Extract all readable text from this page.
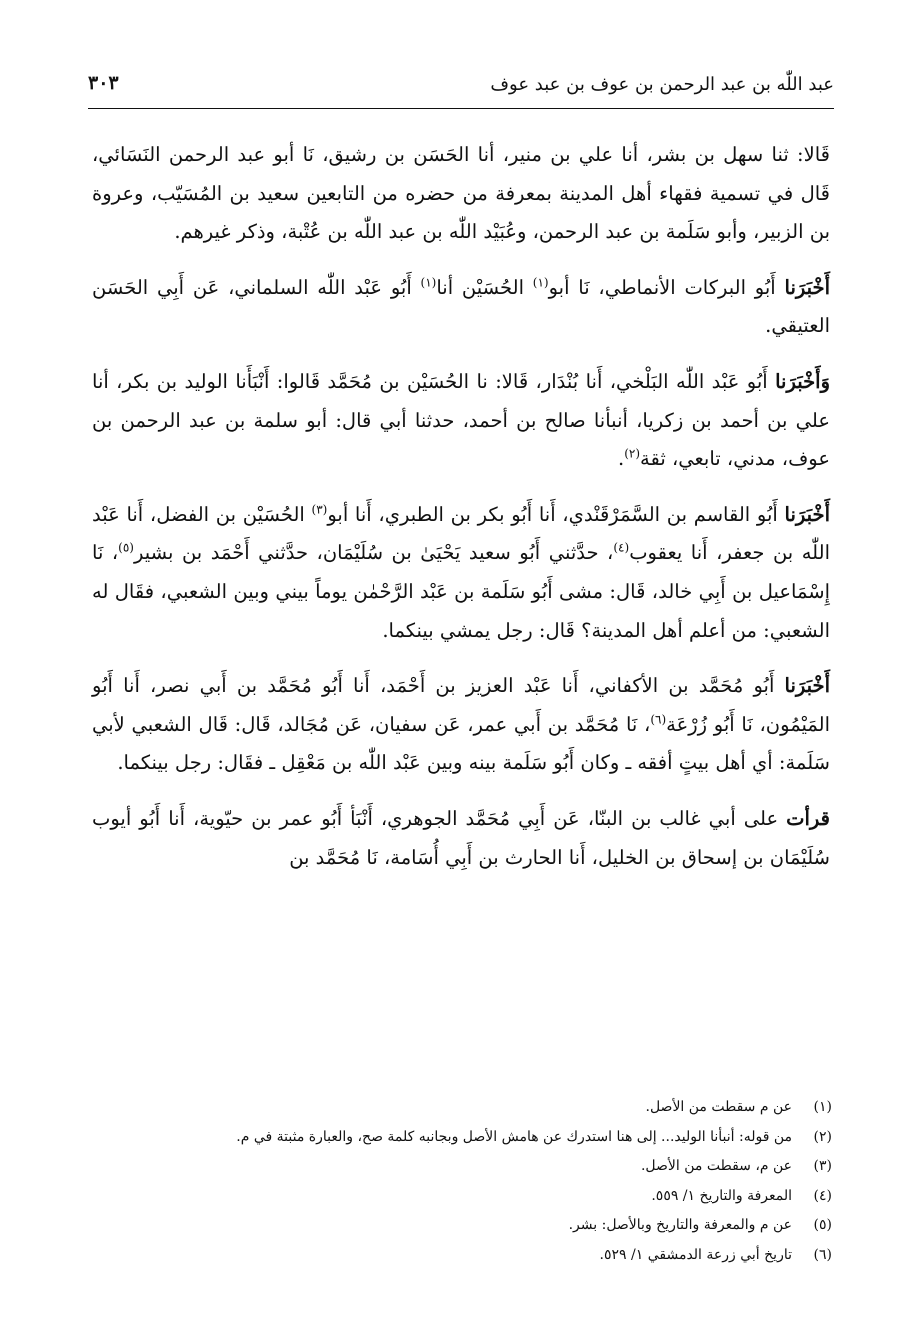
عبد اللّٰه بن عبد الرحمن بن عوف بن عبد عوف
٣٠٣

قَالا: ثنا سهل بن بشر، أنا علي بن منير، أنا الحَسَن بن رشيق، نَا أبو عبد الرحمن النَسَائي، قَال في تسمية فقهاء أهل المدينة بمعرفة من حضره من التابعين سعيد بن المُسَيّب، وعروة بن الزبير، وأبو سَلَمة بن عبد الرحمن، وعُبَيْد اللّٰه بن عبد اللّٰه بن عُتْبة، وذكر غيرهم.

أَخْبَرَنا أَبُو البركات الأنماطي، نَا أبو$^{(١)}$ الحُسَيْن أنا$^{(١)}$ أَبُو عَبْد اللّٰه السلماني، عَن أَبِي الحَسَن العتيقي.

وَأَخْبَرَنا أَبُو عَبْد اللّٰه البَلْخي، أَنا بُنْدَار، قَالا: نا الحُسَيْن بن مُحَمَّد قَالوا: أَنْبَأَنا الوليد بن بكر، أنا علي بن أحمد بن زكريا، أنبأنا صالح بن أحمد، حدثنا أبي قال: أبو سلمة بن عبد الرحمن بن عوف، مدني، تابعي، ثقة$^{(٢)}$.

أَخْبَرَنا أَبُو القاسم بن السَّمَرْقَنْدي، أَنا أَبُو بكر بن الطبري، أَنا أبو$^{(٣)}$ الحُسَيْن بن الفضل، أَنا عَبْد اللّٰه بن جعفر، أَنا يعقوب$^{(٤)}$، حدَّثني أَبُو سعيد يَحْيَىٰ بن سُلَيْمَان، حدَّثني أَحْمَد بن بشير$^{(٥)}$، نَا إِسْمَاعيل بن أَبِي خالد، قَال: مشى أَبُو سَلَمة بن عَبْد الرَّحْمٰن يوماً بيني وبين الشعبي، فقَال له الشعبي: من أعلم أهل المدينة؟ قَال: رجل يمشي بينكما.

أَخْبَرَنا أَبُو مُحَمَّد بن الأكفاني، أَنا عَبْد العزيز بن أَحْمَد، أَنا أَبُو مُحَمَّد بن أَبي نصر، أَنا أَبُو المَيْمُون، نَا أَبُو زُرْعَة$^{(٦)}$، نَا مُحَمَّد بن أَبي عمر، عَن سفيان، عَن مُجَالد، قَال: قَال الشعبي لأبي سَلَمة: أي أهل بيتٍ أفقه ـ وكان أَبُو سَلَمة بينه وبين عَبْد اللّٰه بن مَعْقِل ـ فقَال: رجل بينكما.

قرأت على أبي غالب بن البنّا، عَن أَبِي مُحَمَّد الجوهري، أَنْبَأ أَبُو عمر بن حيّوية، أَنا أَبُو أيوب سُلَيْمَان بن إسحاق بن الخليل، أَنا الحارث بن أَبِي أُسَامة، نَا مُحَمَّد بن

(١)عن م سقطت من الأصل.
(٢)من قوله: أنبأنا الوليد... إلى هنا استدرك عن هامش الأصل وبجانبه كلمة صح، والعبارة مثبتة في م.
(٣)عن م، سقطت من الأصل.
(٤)المعرفة والتاريخ ١/ ٥٥٩.
(٥)عن م والمعرفة والتاريخ وبالأصل: بشر.
(٦)تاريخ أبي زرعة الدمشقي ١/ ٥٢٩.
